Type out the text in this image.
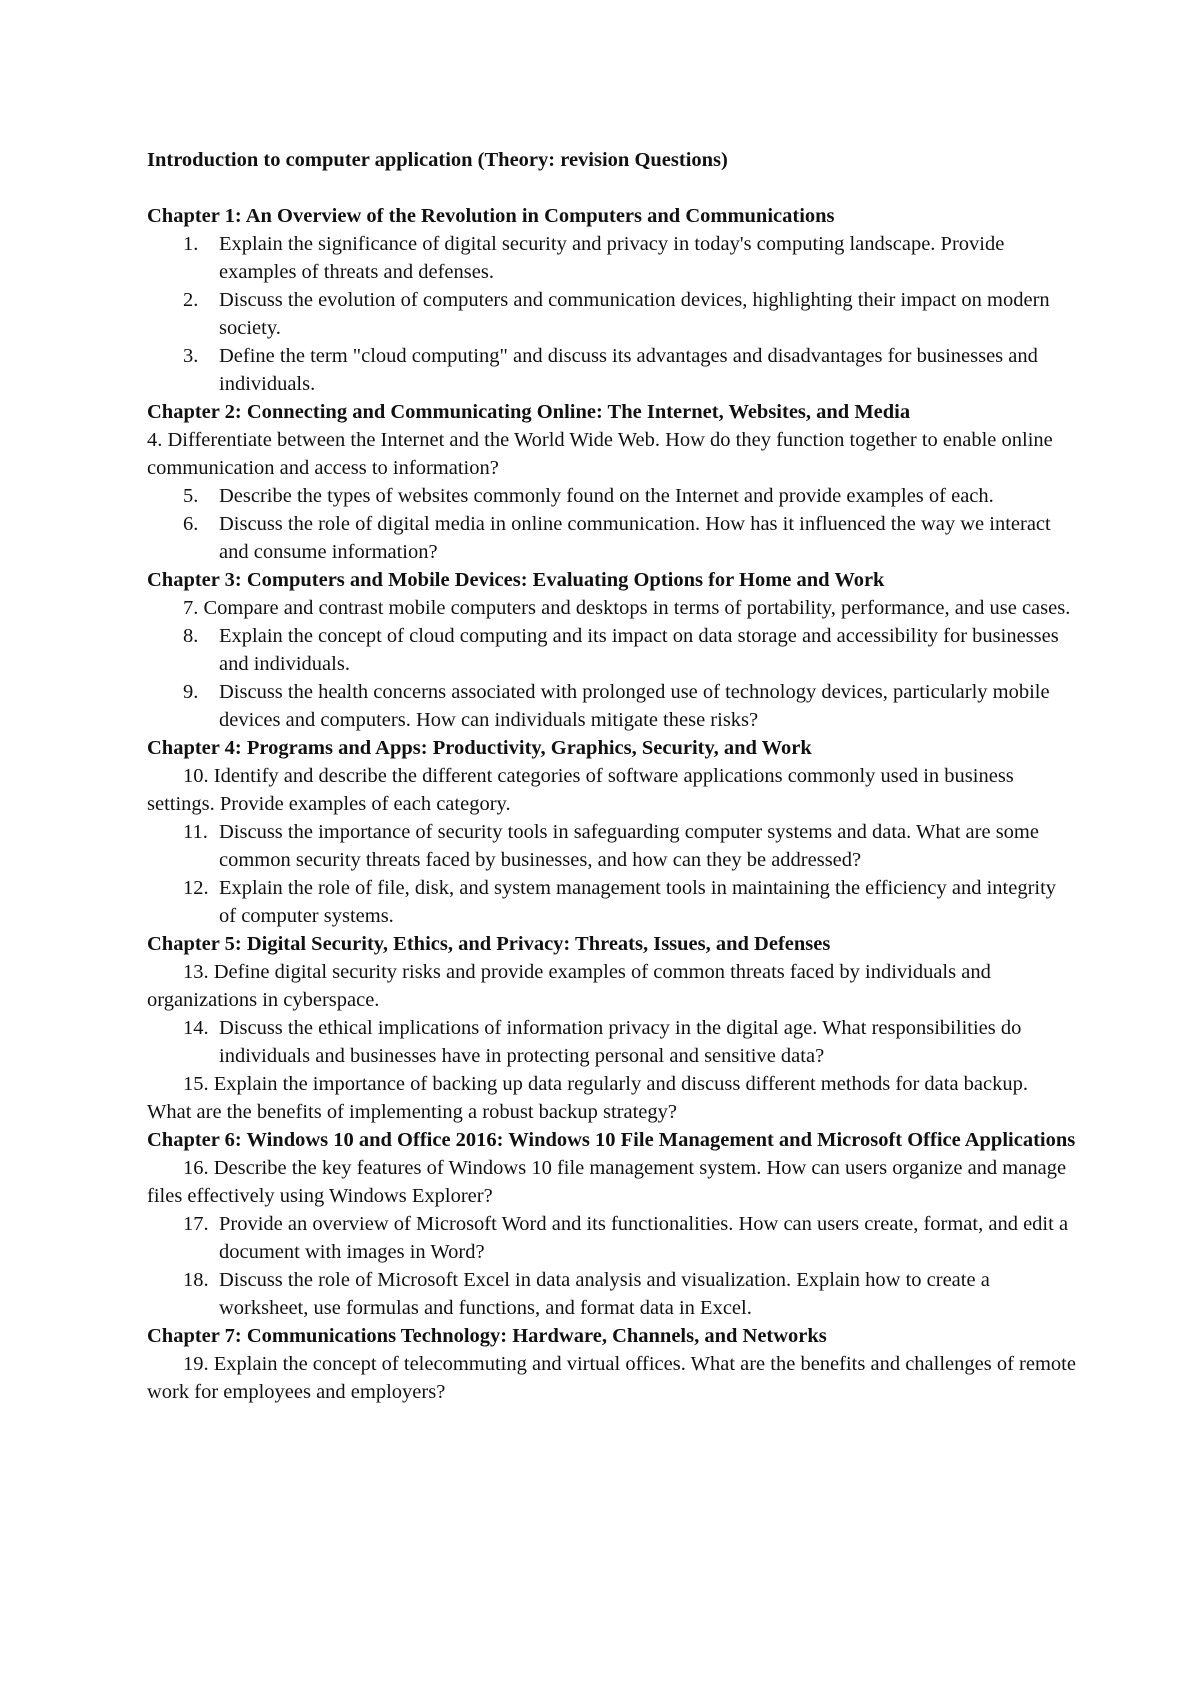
Introduction to computer application (Theory: revision Questions)
Chapter 1: An Overview of the Revolution in Computers and Communications
1.	Explain the significance of digital security and privacy in today's computing landscape. Provide examples of threats and defenses.
2.	Discuss the evolution of computers and communication devices, highlighting their impact on modern society.
3.	Define the term "cloud computing" and discuss its advantages and disadvantages for businesses and individuals.
Chapter 2: Connecting and Communicating Online: The Internet, Websites, and Media
4. Differentiate between the Internet and the World Wide Web. How do they function together to enable online communication and access to information?
5.	Describe the types of websites commonly found on the Internet and provide examples of each.
6.	Discuss the role of digital media in online communication. How has it influenced the way we interact and consume information?
Chapter 3: Computers and Mobile Devices: Evaluating Options for Home and Work
7. Compare and contrast mobile computers and desktops in terms of portability, performance, and use cases.
8.	Explain the concept of cloud computing and its impact on data storage and accessibility for businesses and individuals.
9.	Discuss the health concerns associated with prolonged use of technology devices, particularly mobile devices and computers. How can individuals mitigate these risks?
Chapter 4: Programs and Apps: Productivity, Graphics, Security, and Work
10. Identify and describe the different categories of software applications commonly used in business settings. Provide examples of each category.
11. Discuss the importance of security tools in safeguarding computer systems and data. What are some common security threats faced by businesses, and how can they be addressed?
12. Explain the role of file, disk, and system management tools in maintaining the efficiency and integrity of computer systems.
Chapter 5: Digital Security, Ethics, and Privacy: Threats, Issues, and Defenses
13. Define digital security risks and provide examples of common threats faced by individuals and organizations in cyberspace.
14. Discuss the ethical implications of information privacy in the digital age. What responsibilities do individuals and businesses have in protecting personal and sensitive data?
15. Explain the importance of backing up data regularly and discuss different methods for data backup. What are the benefits of implementing a robust backup strategy?
Chapter 6: Windows 10 and Office 2016: Windows 10 File Management and Microsoft Office Applications
16. Describe the key features of Windows 10 file management system. How can users organize and manage files effectively using Windows Explorer?
17. Provide an overview of Microsoft Word and its functionalities. How can users create, format, and edit a document with images in Word?
18. Discuss the role of Microsoft Excel in data analysis and visualization. Explain how to create a worksheet, use formulas and functions, and format data in Excel.
Chapter 7: Communications Technology: Hardware, Channels, and Networks
19. Explain the concept of telecommuting and virtual offices. What are the benefits and challenges of remote work for employees and employers?
